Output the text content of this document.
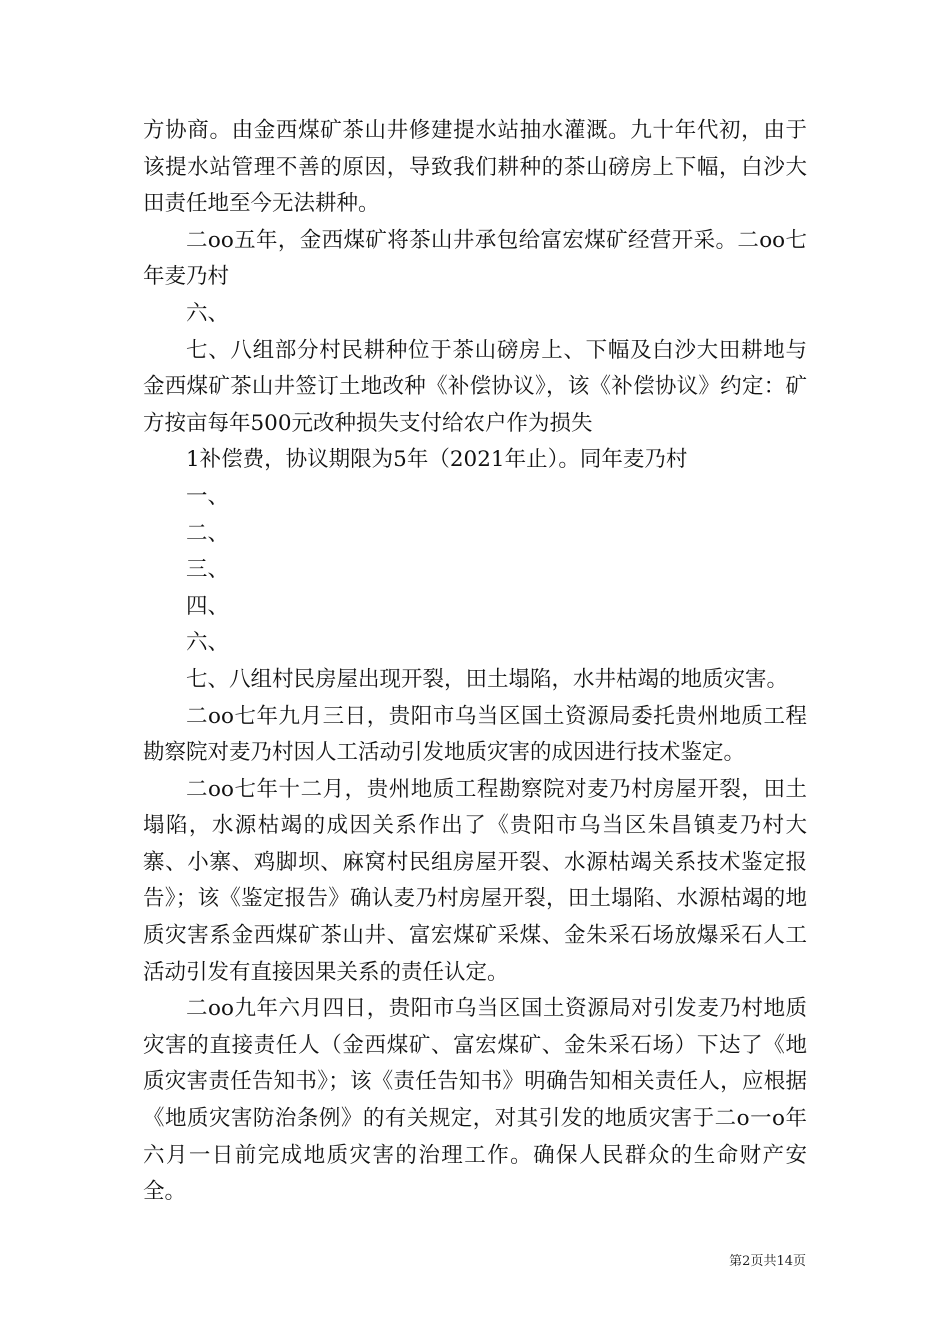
方协商。由金西煤矿茶山井修建提水站抽水灌溉。九十年代初，由于该提水站管理不善的原因，导致我们耕种的茶山磅房上下幅，白沙大田责任地至今无法耕种。

二oo五年，金西煤矿将茶山井承包给富宏煤矿经营开采。二oo七年麦乃村

六、

七、八组部分村民耕种位于茶山磅房上、下幅及白沙大田耕地与金西煤矿茶山井签订土地改种《补偿协议》，该《补偿协议》约定：矿方按亩每年500元改种损失支付给农户作为损失

1补偿费，协议期限为5年（2021年止）。同年麦乃村

一、

二、

三、

四、

六、

七、八组村民房屋出现开裂，田土塌陷，水井枯竭的地质灾害。

二oo七年九月三日，贵阳市乌当区国土资源局委托贵州地质工程勘察院对麦乃村因人工活动引发地质灾害的成因进行技术鉴定。

二oo七年十二月，贵州地质工程勘察院对麦乃村房屋开裂，田土塌陷，水源枯竭的成因关系作出了《贵阳市乌当区朱昌镇麦乃村大寨、小寨、鸡脚坝、麻窝村民组房屋开裂、水源枯竭关系技术鉴定报告》；该《鉴定报告》确认麦乃村房屋开裂，田土塌陷、水源枯竭的地质灾害系金西煤矿茶山井、富宏煤矿采煤、金朱采石场放爆采石人工活动引发有直接因果关系的责任认定。

二oo九年六月四日，贵阳市乌当区国土资源局对引发麦乃村地质灾害的直接责任人（金西煤矿、富宏煤矿、金朱采石场）下达了《地质灾害责任告知书》；该《责任告知书》明确告知相关责任人，应根据《地质灾害防治条例》的有关规定，对其引发的地质灾害于二o一o年六月一日前完成地质灾害的治理工作。确保人民群众的生命财产安全。

第2页共14页
